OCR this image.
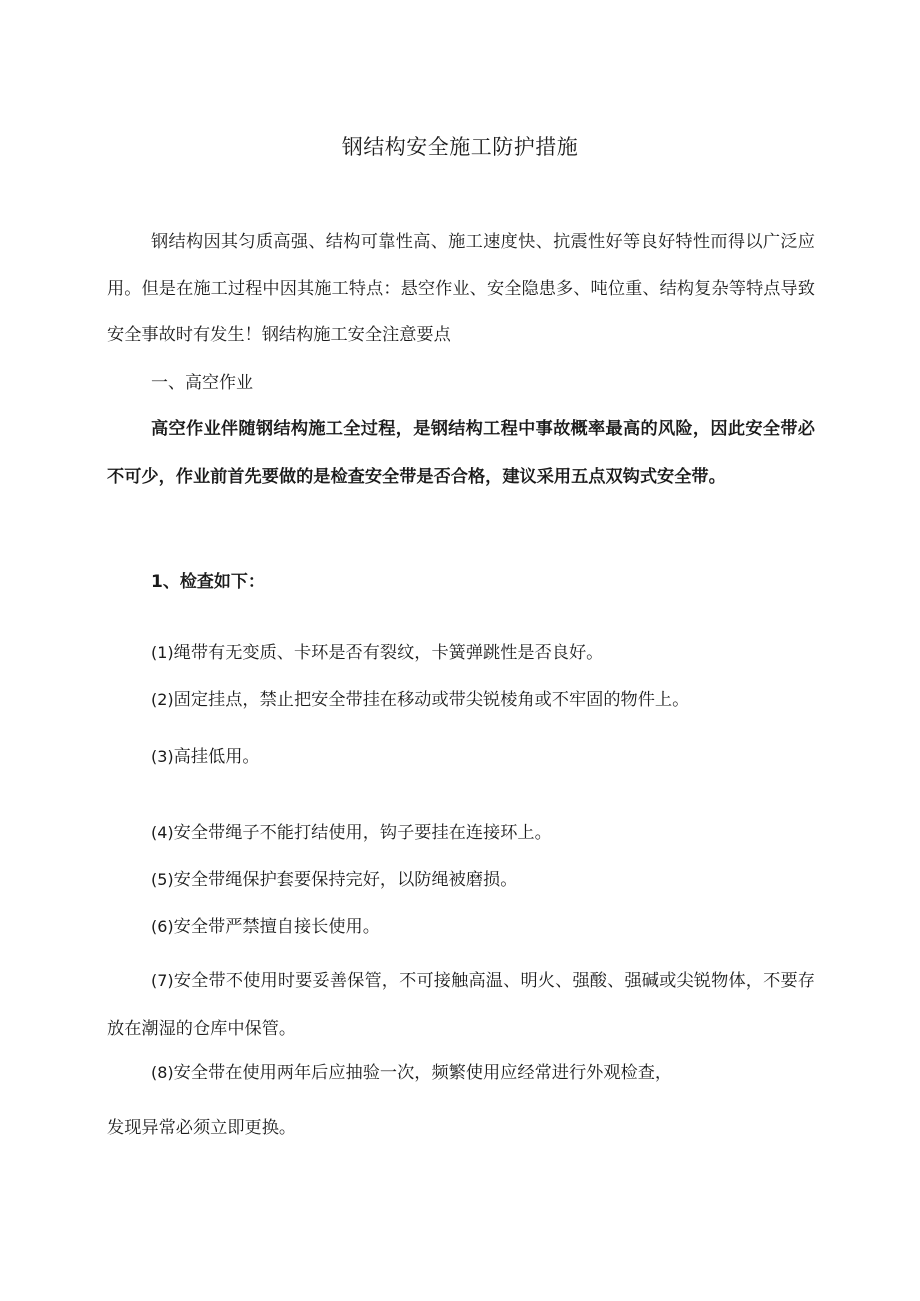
钢结构安全施工防护措施

钢结构因其匀质高强、结构可靠性高、施工速度快、抗震性好等良好特性而得以广泛应用。但是在施工过程中因其施工特点：悬空作业、安全隐患多、吨位重、结构复杂等特点导致安全事故时有发生！钢结构施工安全注意要点

一、高空作业

高空作业伴随钢结构施工全过程，是钢结构工程中事故概率最高的风险，因此安全带必不可少，作业前首先要做的是检查安全带是否合格，建议采用五点双钩式安全带。

1、检查如下：

(1)绳带有无变质、卡环是否有裂纹，卡簧弹跳性是否良好。

(2)固定挂点，禁止把安全带挂在移动或带尖锐棱角或不牢固的物件上。

(3)高挂低用。

(4)安全带绳子不能打结使用，钩子要挂在连接环上。

(5)安全带绳保护套要保持完好，以防绳被磨损。

(6)安全带严禁擅自接长使用。

(7)安全带不使用时要妥善保管，不可接触高温、明火、强酸、强碱或尖锐物体，不要存放在潮湿的仓库中保管。

(8)安全带在使用两年后应抽验一次，频繁使用应经常进行外观检查，

发现异常必须立即更换。
